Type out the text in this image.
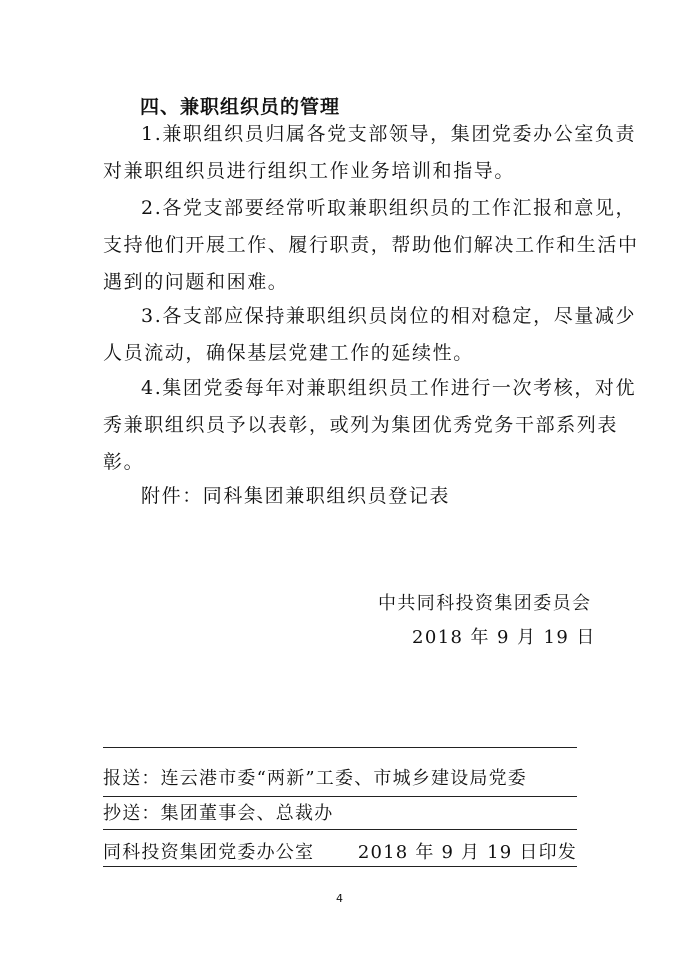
四、兼职组织员的管理
1.兼职组织员归属各党支部领导，集团党委办公室负责
对兼职组织员进行组织工作业务培训和指导。
2.各党支部要经常听取兼职组织员的工作汇报和意见，
支持他们开展工作、履行职责，帮助他们解决工作和生活中
遇到的问题和困难。
3.各支部应保持兼职组织员岗位的相对稳定，尽量减少
人员流动，确保基层党建工作的延续性。
4.集团党委每年对兼职组织员工作进行一次考核，对优
秀兼职组织员予以表彰，或列为集团优秀党务干部系列表
彰。
附件：同科集团兼职组织员登记表
中共同科投资集团委员会
2018 年 9 月 19 日
报送：连云港市委“两新”工委、市城乡建设局党委
抄送：集团董事会、总裁办
同科投资集团党委办公室 2018 年 9 月 19 日印发
4
